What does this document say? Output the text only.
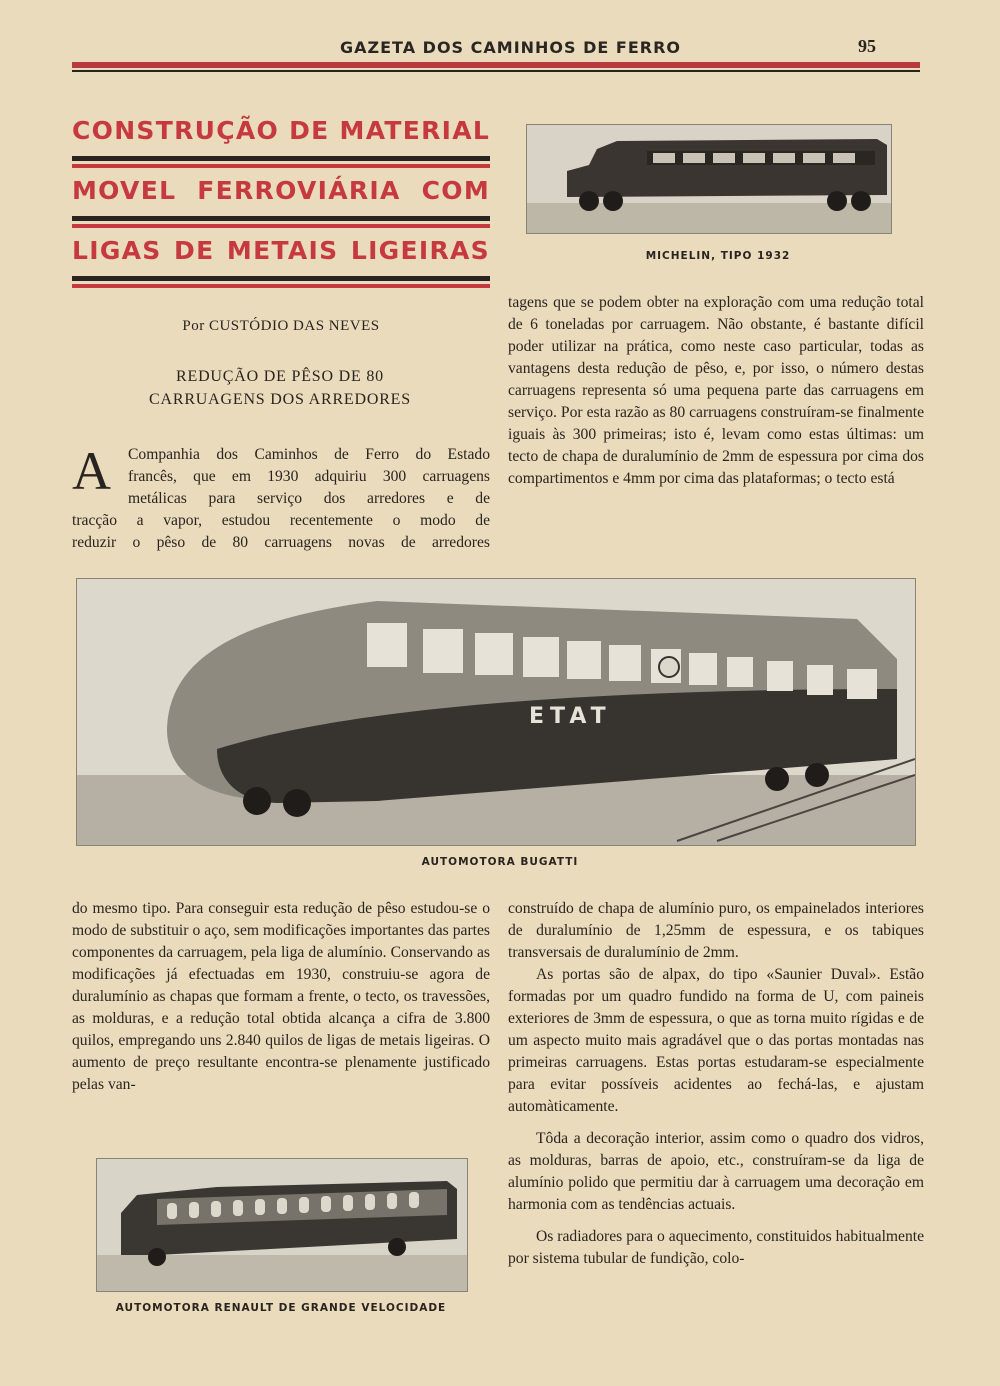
GAZETA DOS CAMINHOS DE FERRO	95
CONSTRUÇÃO DE MATERIAL
MOVEL FERROVIÁRIA COM
LIGAS DE METAIS LIGEIRAS
Por CUSTÓDIO DAS NEVES
REDUÇÃO DE PÊSO DE 80
CARRUAGENS DOS ARREDORES
A Companhia dos Caminhos de Ferro do Estado
francês, que em 1930 adquiriu 300 carruagens
metálicas para serviço dos arredores e de
tracção a vapor, estudou recentemente o modo de
reduzir o pêso de 80 carruagens novas de arredores
MICHELIN, TIPO 1932

tagens que se podem obter na exploração com uma redução total de 6 toneladas por carruagem. Não obstante, é bastante difícil poder utilizar na prática, como neste caso particular, todas as vantagens desta redução de pêso, e, por isso, o número destas carruagens representa só uma pequena parte das carruagens em serviço. Por esta razão as 80 carruagens construíram-se finalmente iguais às 300 primeiras; isto é, levam como estas últimas: um tecto de chapa de duralumínio de 2mm de espessura por cima dos compartimentos e 4mm por cima das plataformas; o tecto está

ETAT
AUTOMOTORA BUGATTI

do mesmo tipo. Para conseguir esta redução de pêso estudou-se o modo de substituir o aço, sem modificações importantes das partes componentes da carruagem, pela liga de alumínio. Conservando as modificações já efectuadas em 1930, construiu-se agora de duralumínio as chapas que formam a frente, o tecto, os travessões, as molduras, e a redução total obtida alcança a cifra de 3.800 quilos, empregando uns 2.840 quilos de ligas de metais ligeiras. O aumento de preço resultante encontra-se plenamente justificado pelas van-

construído de chapa de alumínio puro, os empainelados interiores de duralumínio de 1,25mm de espessura, e os tabiques transversais de duralumínio de 2mm.

As portas são de alpax, do tipo «Saunier Duval». Estão formadas por um quadro fundido na forma de U, com paineis exteriores de 3mm de espessura, o que as torna muito rígidas e de um aspecto muito mais agradável que o das portas montadas nas primeiras carruagens. Estas portas estudaram-se especialmente para evitar possíveis acidentes ao fechá-las, e ajustam automàticamente.

Tôda a decoração interior, assim como o quadro dos vidros, as molduras, barras de apoio, etc., construíram-se da liga de alumínio polido que permitiu dar à carruagem uma decoração em harmonia com as tendências actuais.

Os radiadores para o aquecimento, constituidos habitualmente por sistema tubular de fundição, colo-

AUTOMOTORA RENAULT DE GRANDE VELOCIDADE
